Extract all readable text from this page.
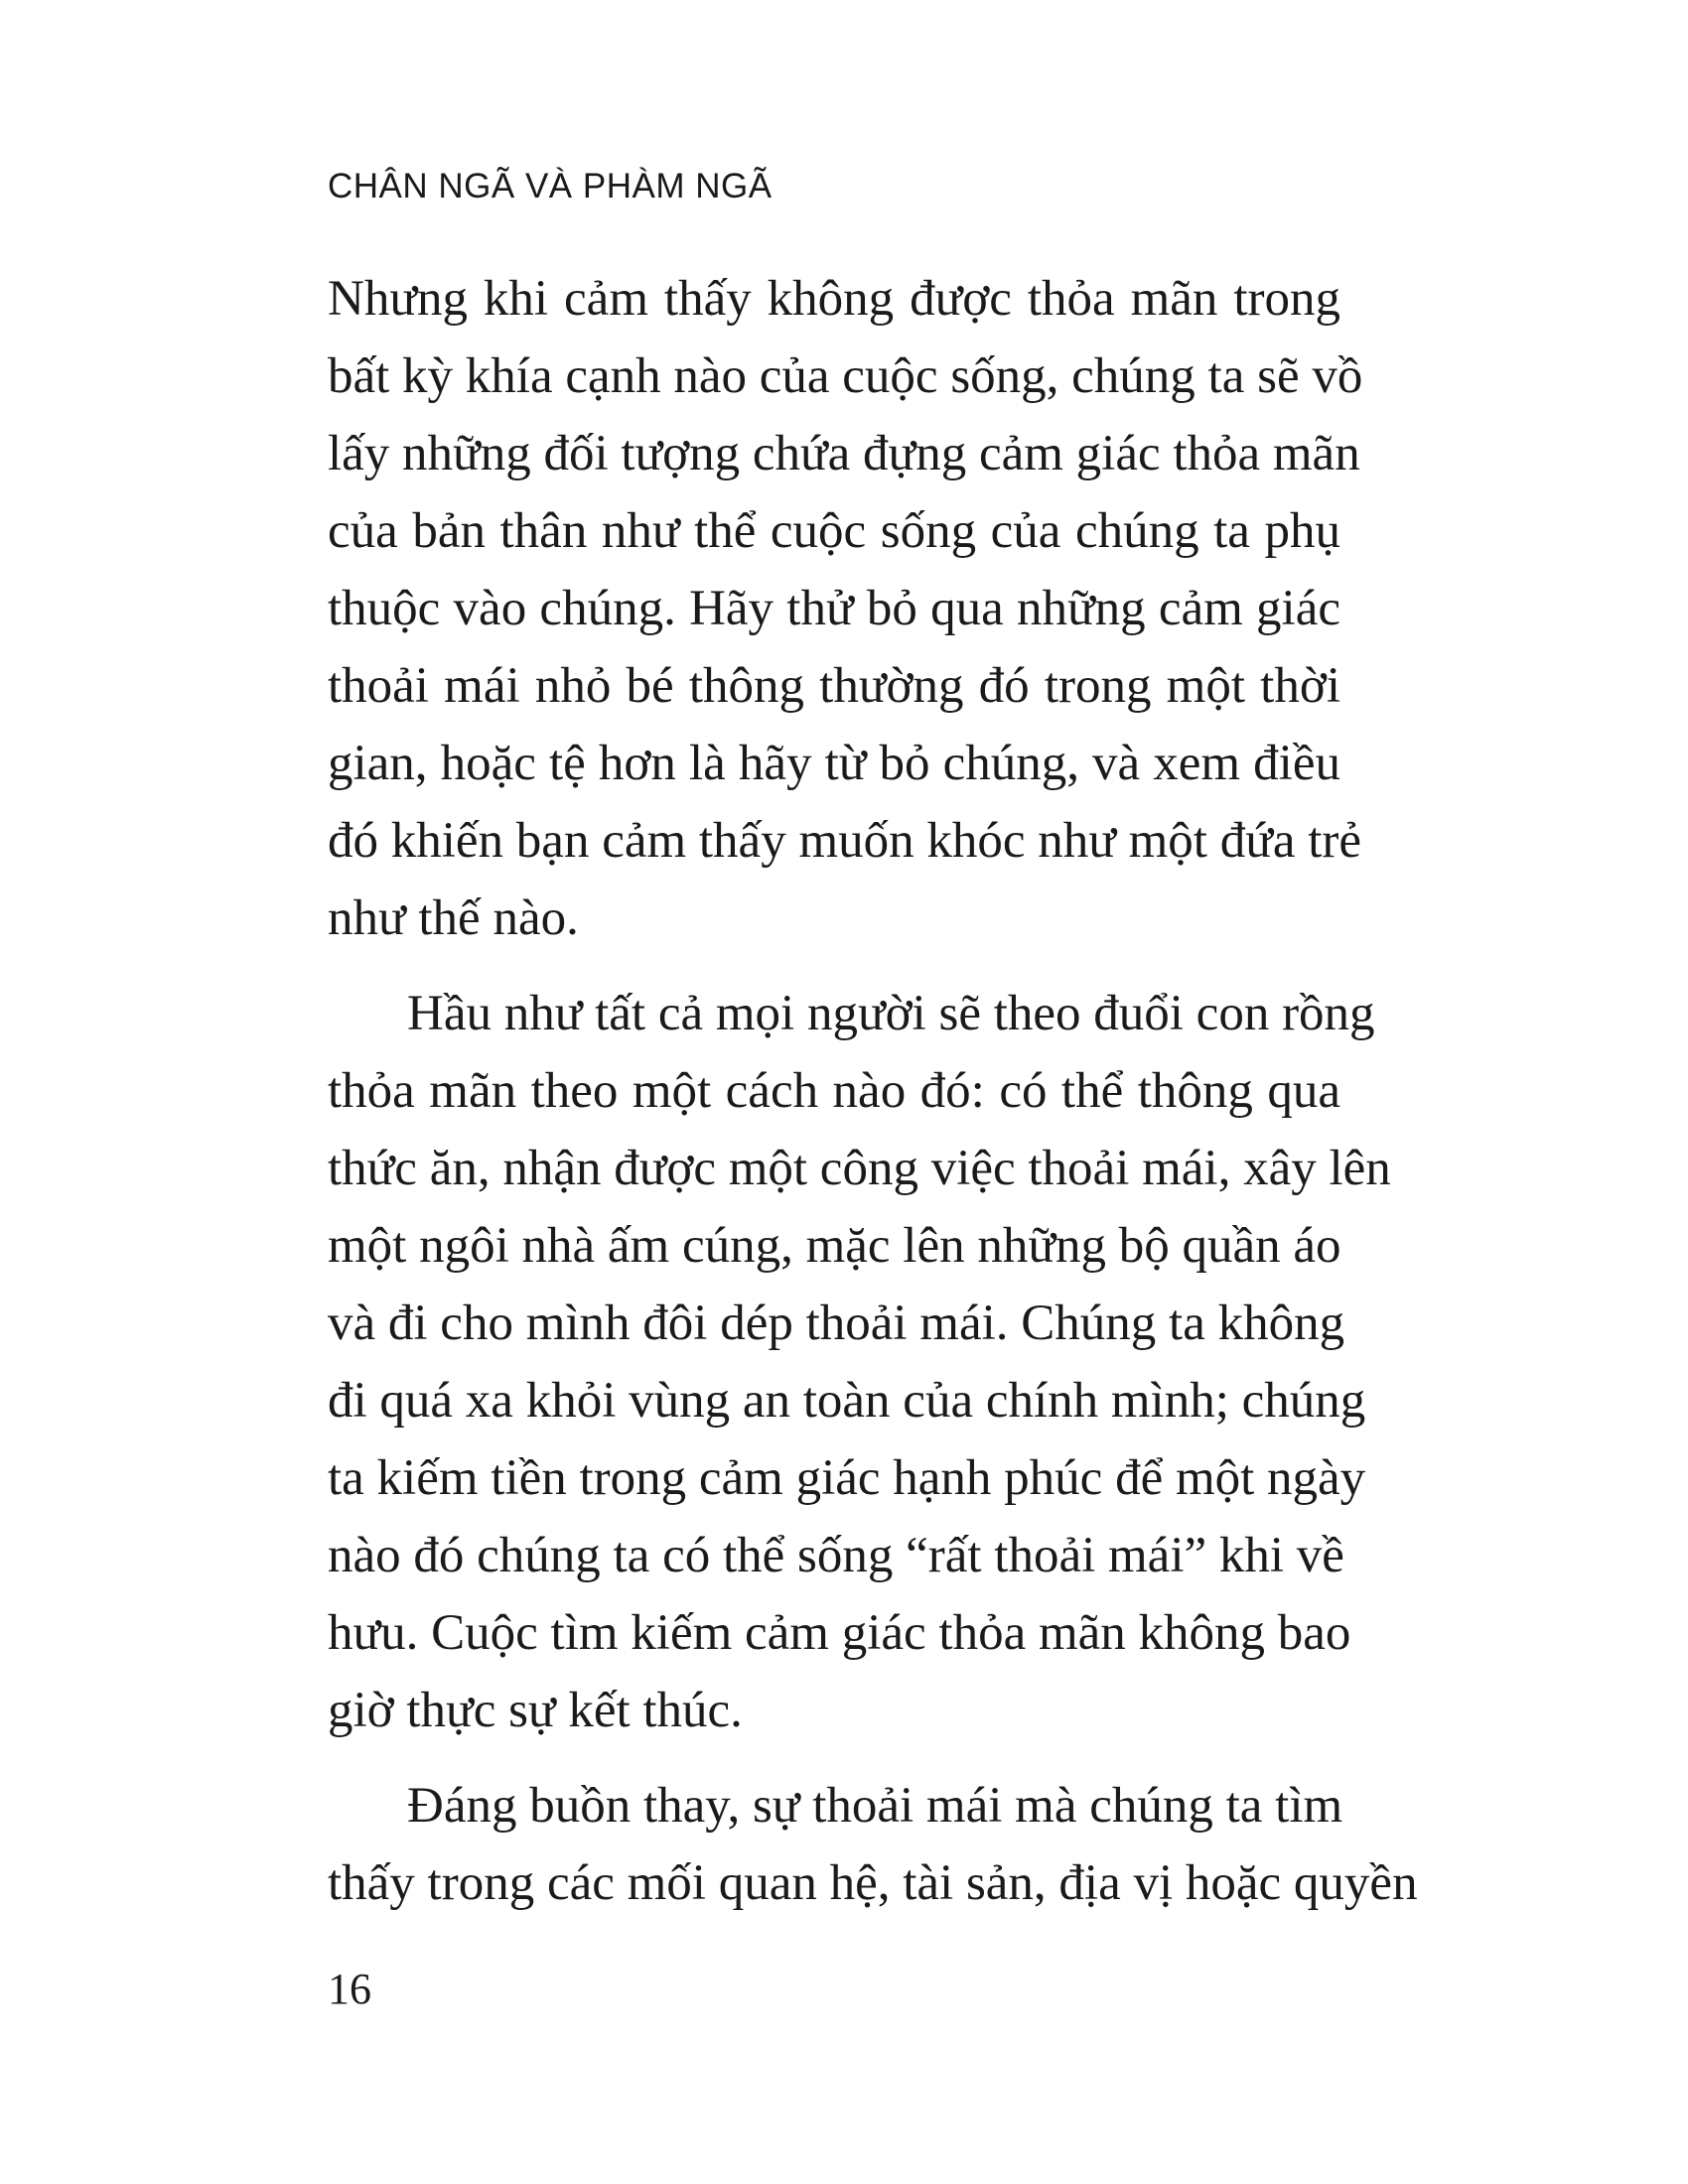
CHÂN NGÃ VÀ PHÀM NGÃ
Nhưng khi cảm thấy không được thỏa mãn trong
bất kỳ khía cạnh nào của cuộc sống, chúng ta sẽ vồ
lấy những đối tượng chứa đựng cảm giác thỏa mãn
của bản thân như thể cuộc sống của chúng ta phụ
thuộc vào chúng. Hãy thử bỏ qua những cảm giác
thoải mái nhỏ bé thông thường đó trong một thời
gian, hoặc tệ hơn là hãy từ bỏ chúng, và xem điều
đó khiến bạn cảm thấy muốn khóc như một đứa trẻ
như thế nào.
Hầu như tất cả mọi người sẽ theo đuổi con rồng
thỏa mãn theo một cách nào đó: có thể thông qua
thức ăn, nhận được một công việc thoải mái, xây lên
một ngôi nhà ấm cúng, mặc lên những bộ quần áo
và đi cho mình đôi dép thoải mái. Chúng ta không
đi quá xa khỏi vùng an toàn của chính mình; chúng
ta kiếm tiền trong cảm giác hạnh phúc để một ngày
nào đó chúng ta có thể sống “rất thoải mái” khi về
hưu. Cuộc tìm kiếm cảm giác thỏa mãn không bao
giờ thực sự kết thúc.
Đáng buồn thay, sự thoải mái mà chúng ta tìm
thấy trong các mối quan hệ, tài sản, địa vị hoặc quyền
16
